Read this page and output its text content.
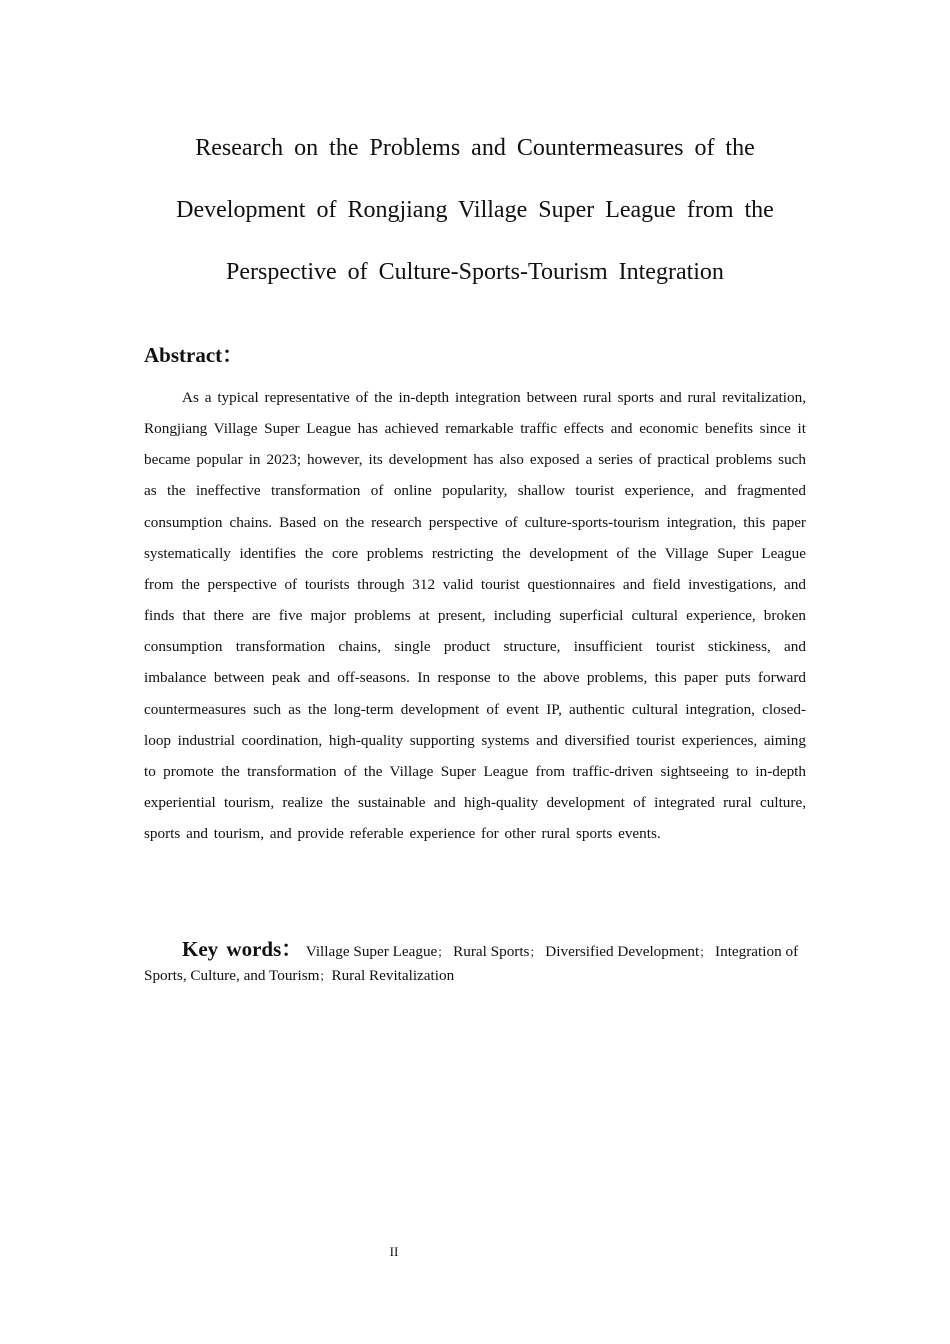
Research on the Problems and Countermeasures of the
Development of Rongjiang Village Super League from the
Perspective of Culture-Sports-Tourism Integration
Abstract：

As a typical representative of the in-depth integration between rural sports and rural revitalization, Rongjiang Village Super League has achieved remarkable traffic effects and economic benefits since it became popular in 2023; however, its development has also exposed a series of practical problems such as the ineffective transformation of online popularity, shallow tourist experience, and fragmented consumption chains. Based on the research perspective of culture-sports-tourism integration, this paper systematically identifies the core problems restricting the development of the Village Super League from the perspective of tourists through 312 valid tourist questionnaires and field investigations, and finds that there are five major problems at present, including superficial cultural experience, broken consumption transformation chains, single product structure, insufficient tourist stickiness, and imbalance between peak and off-seasons. In response to the above problems, this paper puts forward countermeasures such as the long-term development of event IP, authentic cultural integration, closed-loop industrial coordination, high-quality supporting systems and diversified tourist experiences, aiming to promote the transformation of the Village Super League from traffic-driven sightseeing to in-depth experiential tourism, realize the sustainable and high-quality development of integrated rural culture, sports and tourism, and provide referable experience for other rural sports events.

Key words： Village Super League； Rural Sports； Diversified Development； Integration of Sports, Culture, and Tourism；Rural Revitalization

II
